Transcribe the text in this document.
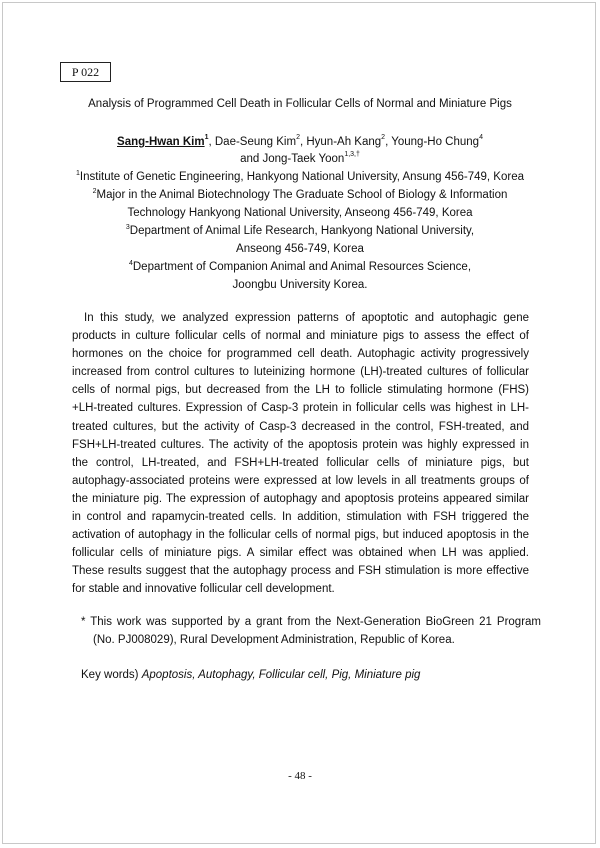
P 022
Analysis of Programmed Cell Death in Follicular Cells of Normal and Miniature Pigs
Sang-Hwan Kim$^1$, Dae-Seung Kim$^2$, Hyun-Ah Kang$^2$, Young-Ho Chung$^4$
and Jong-Taek Yoon$^{1,3,\dagger}$
$^1$Institute of Genetic Engineering, Hankyong National University, Ansung 456-749, Korea
$^2$Major in the Animal Biotechnology The Graduate School of Biology & Information
Technology Hankyong National University, Anseong 456-749, Korea
$^3$Department of Animal Life Research, Hankyong National University,
Anseong 456-749, Korea
$^4$Department of Companion Animal and Animal Resources Science,
Joongbu University Korea.

In this study, we analyzed expression patterns of apoptotic and autophagic gene products in culture follicular cells of normal and miniature pigs to assess the effect of hormones on the choice for programmed cell death. Autophagic activity progressively increased from control cultures to luteinizing hormone (LH)-treated cultures of follicular cells of normal pigs, but decreased from the LH to follicle stimulating hormone (FHS) +LH-treated cultures. Expression of Casp-3 protein in follicular cells was highest in LH-treated cultures, but the activity of Casp-3 decreased in the control, FSH-treated, and FSH+LH-treated cultures. The activity of the apoptosis protein was highly expressed in the control, LH-treated, and FSH+LH-treated follicular cells of miniature pigs, but autophagy-associated proteins were expressed at low levels in all treatments groups of the miniature pig. The expression of autophagy and apoptosis proteins appeared similar in control and rapamycin-treated cells. In addition, stimulation with FSH triggered the activation of autophagy in the follicular cells of normal pigs, but induced apoptosis in the follicular cells of miniature pigs. A similar effect was obtained when LH was applied. These results suggest that the autophagy process and FSH stimulation is more effective for stable and innovative follicular cell development.

* This work was supported by a grant from the Next-Generation BioGreen 21 Program (No. PJ008029), Rural Development Administration, Republic of Korea.

Key words) Apoptosis, Autophagy, Follicular cell, Pig, Miniature pig

- 48 -
